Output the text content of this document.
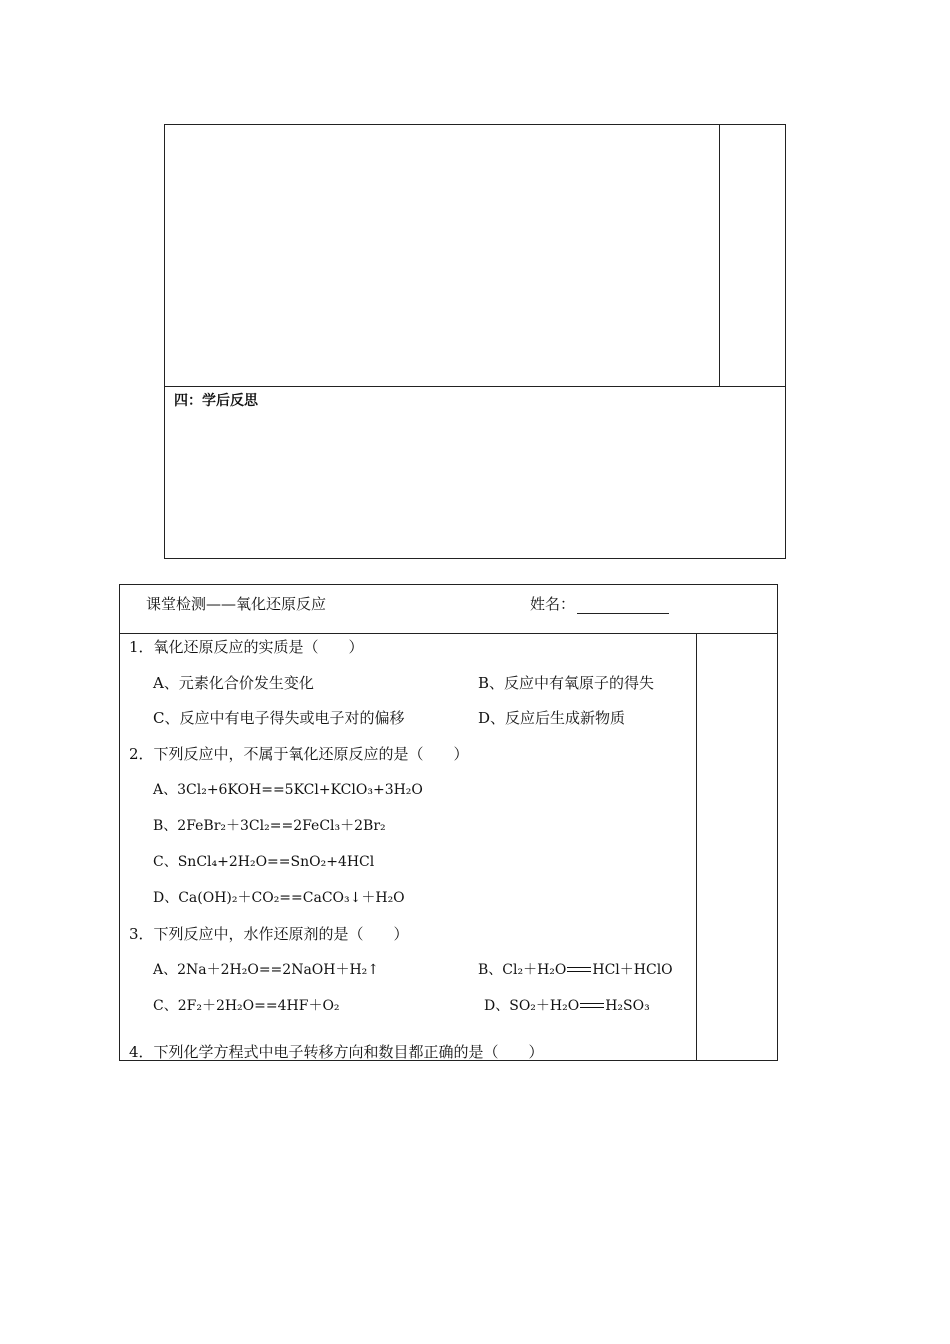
四：学后反思
课堂检测——氧化还原反应	姓名：
1．氧化还原反应的实质是（　　）
A、元素化合价发生变化	B、反应中有氧原子的得失
C、反应中有电子得失或电子对的偏移	D、反应后生成新物质
2．下列反应中，不属于氧化还原反应的是（　　）
A、3Cl₂+6KOH==5KCl+KClO₃+3H₂O
B、2FeBr₂＋3Cl₂==2FeCl₃＋2Br₂
C、SnCl₄+2H₂O==SnO₂+4HCl
D、Ca(OH)₂＋CO₂==CaCO₃↓＋H₂O
3．下列反应中，水作还原剂的是（　　）
A、2Na＋2H₂O==2NaOH＋H₂↑	B、Cl₂＋H₂O HCl＋HClO
C、2F₂＋2H₂O==4HF＋O₂	D、SO₂＋H₂O H₂SO₃
4．下列化学方程式中电子转移方向和数目都正确的是（　　）
